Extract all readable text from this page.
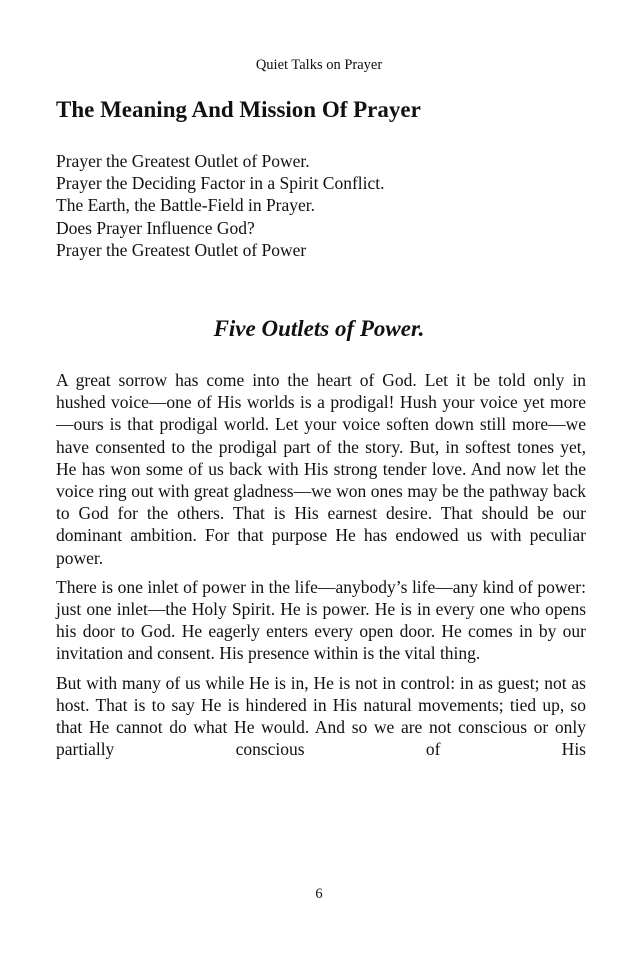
Quiet Talks on Prayer
The Meaning And Mission Of Prayer
Prayer the Greatest Outlet of Power.
Prayer the Deciding Factor in a Spirit Conflict.
The Earth, the Battle-Field in Prayer.
Does Prayer Influence God?
Prayer the Greatest Outlet of Power
Five Outlets of Power.

A great sorrow has come into the heart of God. Let it be told only in hushed voice—one of His worlds is a prodigal! Hush your voice yet more—ours is that prodigal world. Let your voice soften down still more—we have consented to the prodigal part of the story. But, in softest tones yet, He has won some of us back with His strong tender love. And now let the voice ring out with great gladness—we won ones may be the pathway back to God for the others. That is His earnest desire. That should be our dominant ambition. For that purpose He has endowed us with peculiar power.

There is one inlet of power in the life—anybody’s life—any kind of power: just one inlet—the Holy Spirit. He is power. He is in every one who opens his door to God. He eagerly enters every open door. He comes in by our invitation and consent. His presence within is the vital thing.

But with many of us while He is in, He is not in control: in as guest; not as host. That is to say He is hindered in His natural movements; tied up, so that He cannot do what He would. And so we are not conscious or only partially conscious of His

6
